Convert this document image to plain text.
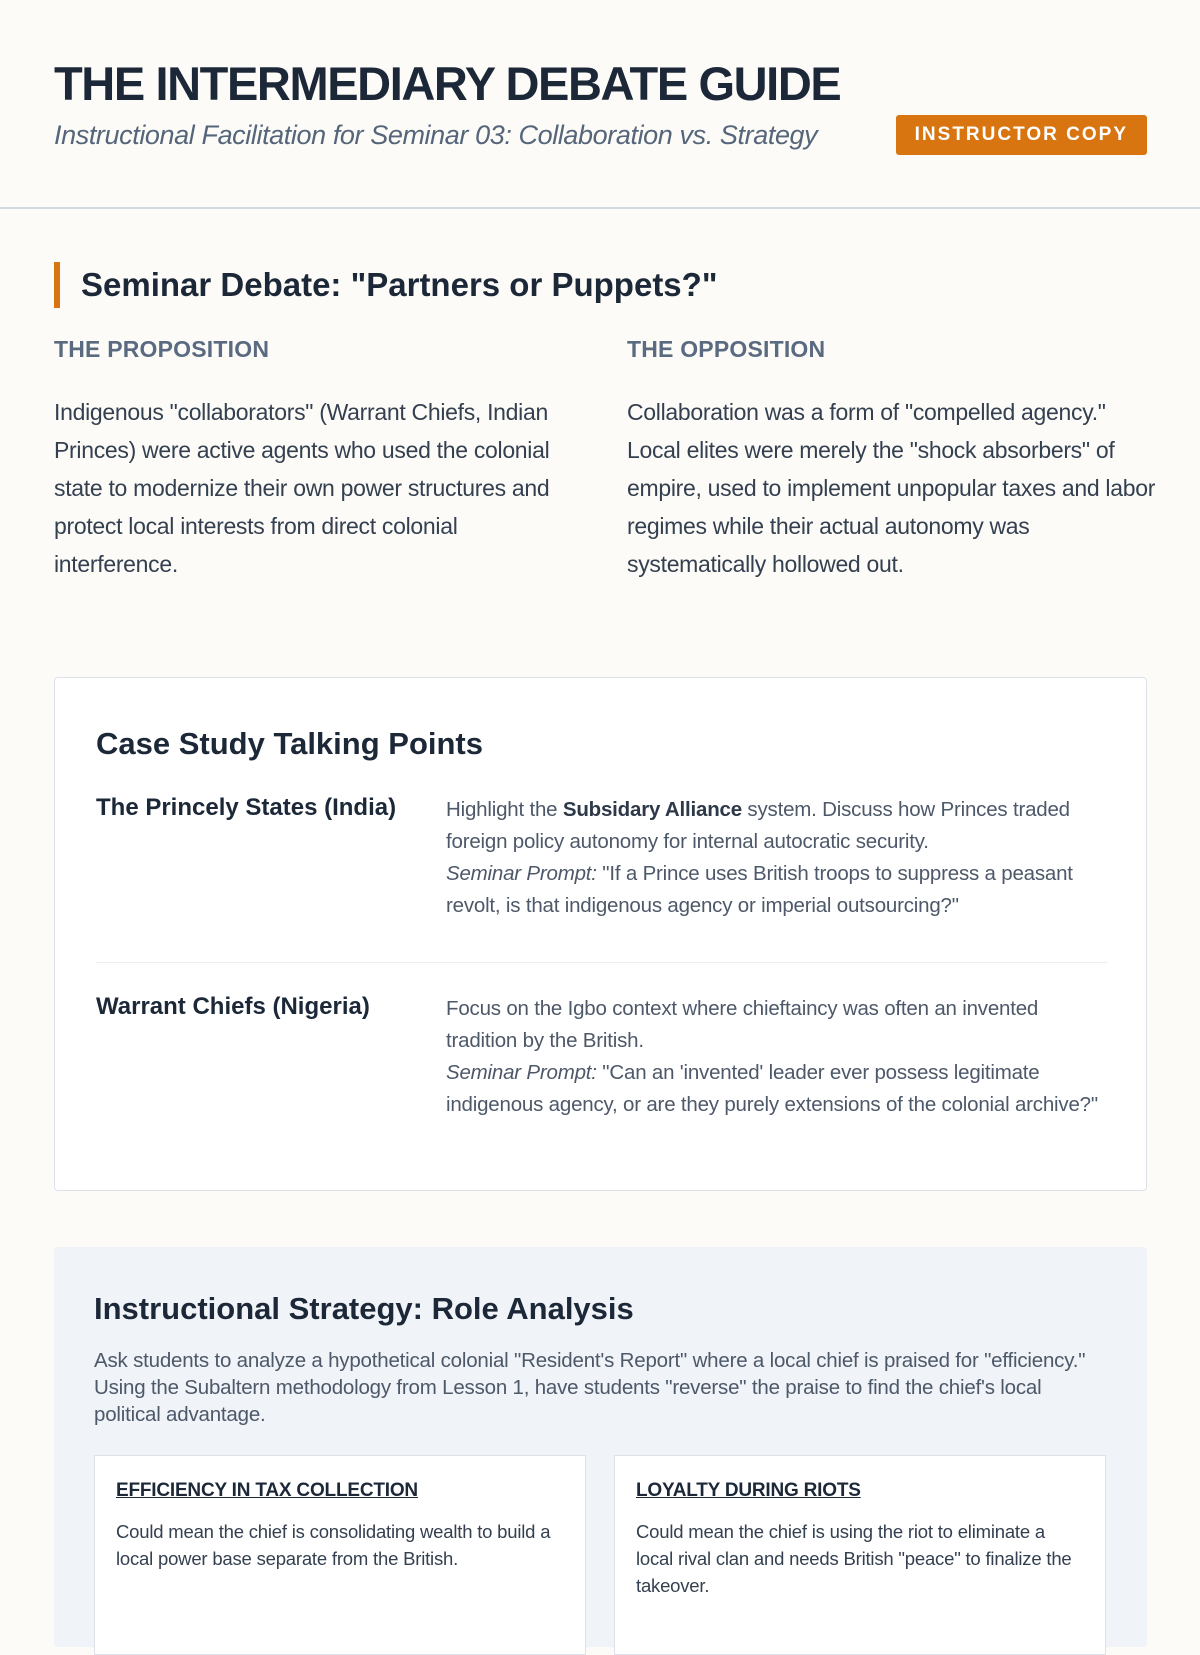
THE INTERMEDIARY DEBATE GUIDE
Instructional Facilitation for Seminar 03: Collaboration vs. Strategy	INSTRUCTOR COPY
Seminar Debate: "Partners or Puppets?"
THE PROPOSITION

Indigenous "collaborators" (Warrant Chiefs, Indian Princes) were active agents who used the colonial state to modernize their own power structures and protect local interests from direct colonial interference.

THE OPPOSITION

Collaboration was a form of "compelled agency." Local elites were merely the "shock absorbers" of empire, used to implement unpopular taxes and labor regimes while their actual autonomy was systematically hollowed out.

Case Study Talking Points
The Princely States (India) Highlight the Subsidary Alliance system. Discuss how Princes traded foreign policy autonomy for internal autocratic security.
Seminar Prompt: "If a Prince uses British troops to suppress a peasant revolt, is that indigenous agency or imperial outsourcing?"
Warrant Chiefs (Nigeria)	Focus on the Igbo context where chieftaincy was often an invented tradition by the British.
Seminar Prompt: "Can an 'invented' leader ever possess legitimate indigenous agency, or are they purely extensions of the colonial archive?"
Instructional Strategy: Role Analysis

Ask students to analyze a hypothetical colonial "Resident's Report" where a local chief is praised for "efficiency." Using the Subaltern methodology from Lesson 1, have students "reverse" the praise to find the chief's local political advantage.

EFFICIENCY IN TAX COLLECTION

Could mean the chief is consolidating wealth to build a local power base separate from the British.

LOYALTY DURING RIOTS

Could mean the chief is using the riot to eliminate a local rival clan and needs British "peace" to finalize the takeover.
